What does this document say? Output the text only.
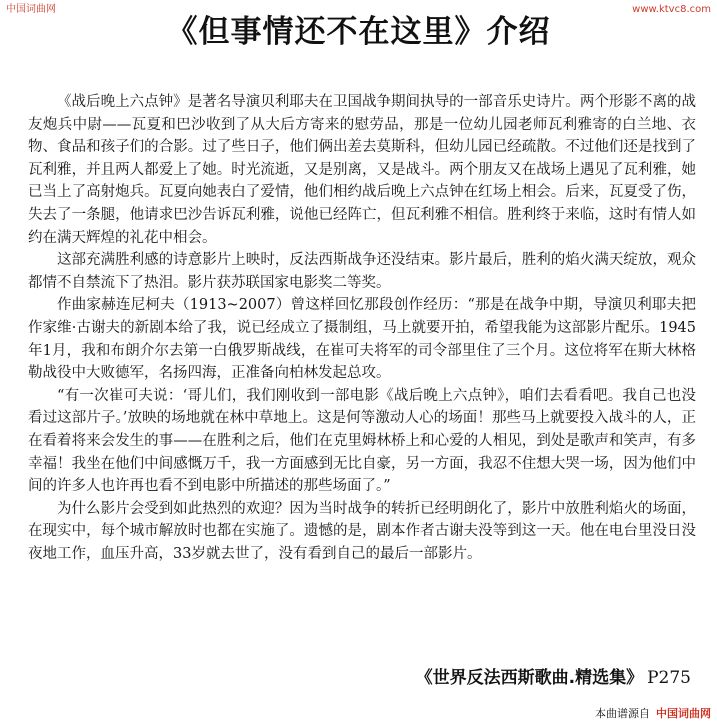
中国词曲网	www.ktvc8.com
《但事情还不在这里》介绍

《战后晚上六点钟》是著名导演贝利耶夫在卫国战争期间执导的一部音乐史诗片。两个形影不离的战友炮兵中尉——瓦夏和巴沙收到了从大后方寄来的慰劳品，那是一位幼儿园老师瓦利雅寄的白兰地、衣物、食品和孩子们的合影。过了些日子，他们俩出差去莫斯科，但幼儿园已经疏散。不过他们还是找到了瓦利雅，并且两人都爱上了她。时光流逝，又是别离，又是战斗。两个朋友又在战场上遇见了瓦利雅，她已当上了高射炮兵。瓦夏向她表白了爱情，他们相约战后晚上六点钟在红场上相会。后来，瓦夏受了伤，失去了一条腿，他请求巴沙告诉瓦利雅，说他已经阵亡，但瓦利雅不相信。胜利终于来临，这时有情人如约在满天辉煌的礼花中相会。

这部充满胜利感的诗意影片上映时，反法西斯战争还没结束。影片最后，胜利的焰火满天绽放，观众都情不自禁流下了热泪。影片获苏联国家电影奖二等奖。

作曲家赫连尼柯夫（1913~2007）曾这样回忆那段创作经历：“那是在战争中期，导演贝利耶夫把作家维·古谢夫的新剧本给了我，说已经成立了摄制组，马上就要开拍，希望我能为这部影片配乐。1945年1月，我和布朗介尔去第一白俄罗斯战线，在崔可夫将军的司令部里住了三个月。这位将军在斯大林格勒战役中大败德军，名扬四海，正准备向柏林发起总攻。

“有一次崔可夫说：‘哥儿们，我们刚收到一部电影《战后晚上六点钟》，咱们去看看吧。我自己也没看过这部片子。’放映的场地就在林中草地上。这是何等激动人心的场面！那些马上就要投入战斗的人，正在看着将来会发生的事——在胜利之后，他们在克里姆林桥上和心爱的人相见，到处是歌声和笑声，有多幸福！我坐在他们中间感慨万千，我一方面感到无比自豪，另一方面，我忍不住想大哭一场，因为他们中间的许多人也许再也看不到电影中所描述的那些场面了。”

为什么影片会受到如此热烈的欢迎？因为当时战争的转折已经明朗化了，影片中放胜利焰火的场面，在现实中，每个城市解放时也都在实施了。遗憾的是，剧本作者古谢夫没等到这一天。他在电台里没日没夜地工作，血压升高，33岁就去世了，没有看到自己的最后一部影片。

《世界反法西斯歌曲.精选集》 P275
本曲谱源自 中国词曲网
